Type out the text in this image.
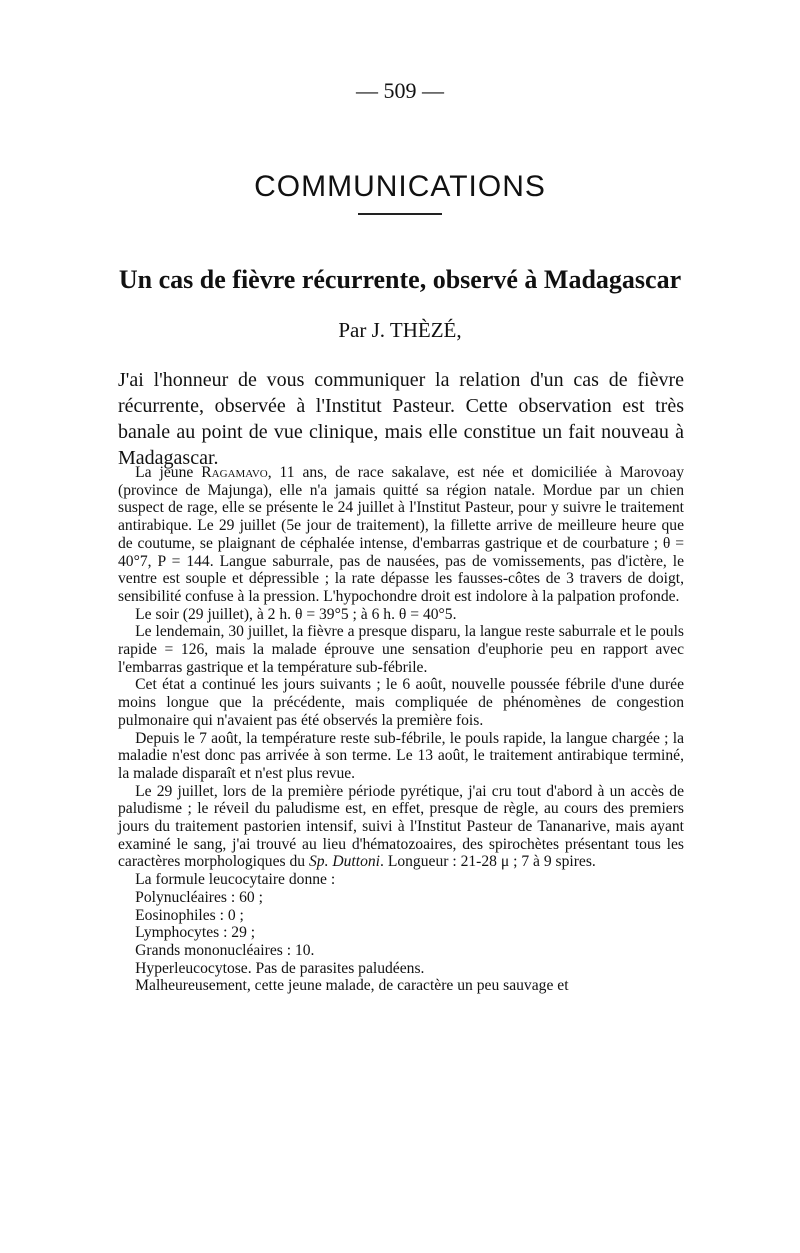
— 509 —
COMMUNICATIONS
Un cas de fièvre récurrente, observé à Madagascar
Par J. THÈZÉ,

J'ai l'honneur de vous communiquer la relation d'un cas de fièvre récurrente, observée à l'Institut Pasteur. Cette observation est très banale au point de vue clinique, mais elle constitue un fait nouveau à Madagascar.

La jeune Ragamavo, 11 ans, de race sakalave, est née et domiciliée à Marovoay (province de Majunga), elle n'a jamais quitté sa région natale. Mordue par un chien suspect de rage, elle se présente le 24 juillet à l'Institut Pasteur, pour y suivre le traitement antirabique. Le 29 juillet (5e jour de traitement), la fillette arrive de meilleure heure que de coutume, se plaignant de céphalée intense, d'embarras gastrique et de courbature ; θ = 40°7, P = 144. Langue saburrale, pas de nausées, pas de vomissements, pas d'ictère, le ventre est souple et dépressible ; la rate dépasse les fausses-côtes de 3 travers de doigt, sensibilité confuse à la pression. L'hypochondre droit est indolore à la palpation profonde.

Le soir (29 juillet), à 2 h. θ = 39°5 ; à 6 h. θ = 40°5.

Le lendemain, 30 juillet, la fièvre a presque disparu, la langue reste saburrale et le pouls rapide = 126, mais la malade éprouve une sensation d'euphorie peu en rapport avec l'embarras gastrique et la température sub-fébrile.

Cet état a continué les jours suivants ; le 6 août, nouvelle poussée fébrile d'une durée moins longue que la précédente, mais compliquée de phénomènes de congestion pulmonaire qui n'avaient pas été observés la première fois.

Depuis le 7 août, la température reste sub-fébrile, le pouls rapide, la langue chargée ; la maladie n'est donc pas arrivée à son terme. Le 13 août, le traitement antirabique terminé, la malade disparaît et n'est plus revue.

Le 29 juillet, lors de la première période pyrétique, j'ai cru tout d'abord à un accès de paludisme ; le réveil du paludisme est, en effet, presque de règle, au cours des premiers jours du traitement pastorien intensif, suivi à l'Institut Pasteur de Tananarive, mais ayant examiné le sang, j'ai trouvé au lieu d'hématozoaires, des spirochètes présentant tous les caractères morphologiques du Sp. Duttoni. Longueur : 21-28 μ ; 7 à 9 spires.

La formule leucocytaire donne :

Polynucléaires : 60 ;

Eosinophiles : 0 ;

Lymphocytes : 29 ;

Grands mononucléaires : 10.

Hyperleucocytose. Pas de parasites paludéens.

Malheureusement, cette jeune malade, de caractère un peu sauvage et
